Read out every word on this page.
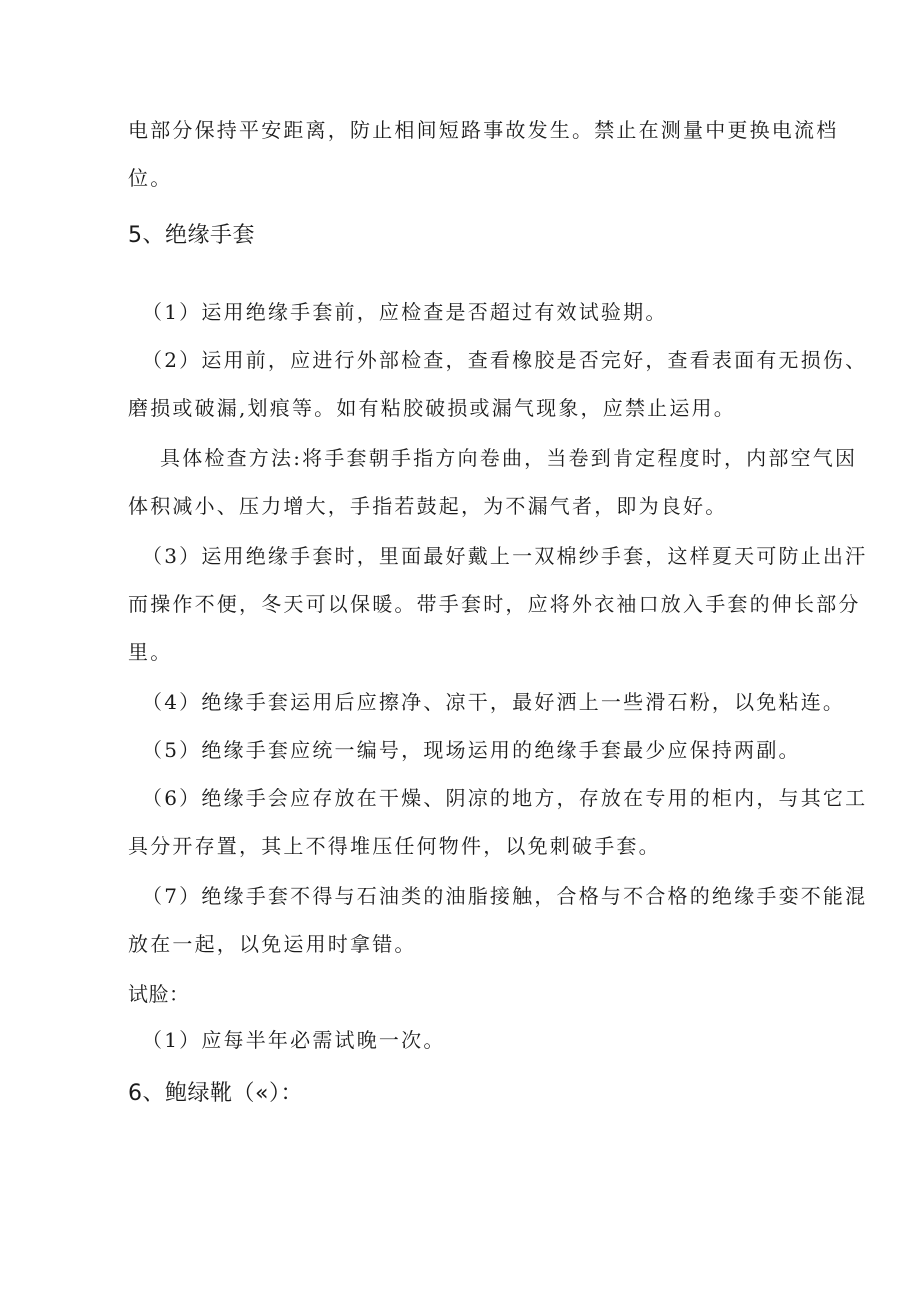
电部分保持平安距离，防止相间短路事故发生。禁止在测量中更换电流档
位。
5、绝缘手套
（1）运用绝缘手套前，应检查是否超过有效试验期。
（2）运用前，应进行外部检查，查看橡胶是否完好，查看表面有无损伤、
磨损或破漏,划痕等。如有粘胶破损或漏气现象，应禁止运用。
具体检查方法:将手套朝手指方向卷曲，当卷到肯定程度时，内部空气因
体积减小、压力增大，手指若鼓起，为不漏气者，即为良好。
（3）运用绝缘手套时，里面最好戴上一双棉纱手套，这样夏天可防止出汗
而操作不便，冬天可以保暖。带手套时，应将外衣袖口放入手套的伸长部分
里。
（4）绝缘手套运用后应擦净、凉干，最好洒上一些滑石粉，以免粘连。
（5）绝缘手套应统一编号，现场运用的绝缘手套最少应保持两副。
（6）绝缘手会应存放在干燥、阴凉的地方，存放在专用的柜内，与其它工
具分开存置，其上不得堆压任何物件，以免刺破手套。
（7）绝缘手套不得与石油类的油脂接触，合格与不合格的绝缘手娈不能混
放在一起，以免运用时拿错。
试脸：
（1）应每半年必需试晚一次。
6、鲍绿靴（«）：
